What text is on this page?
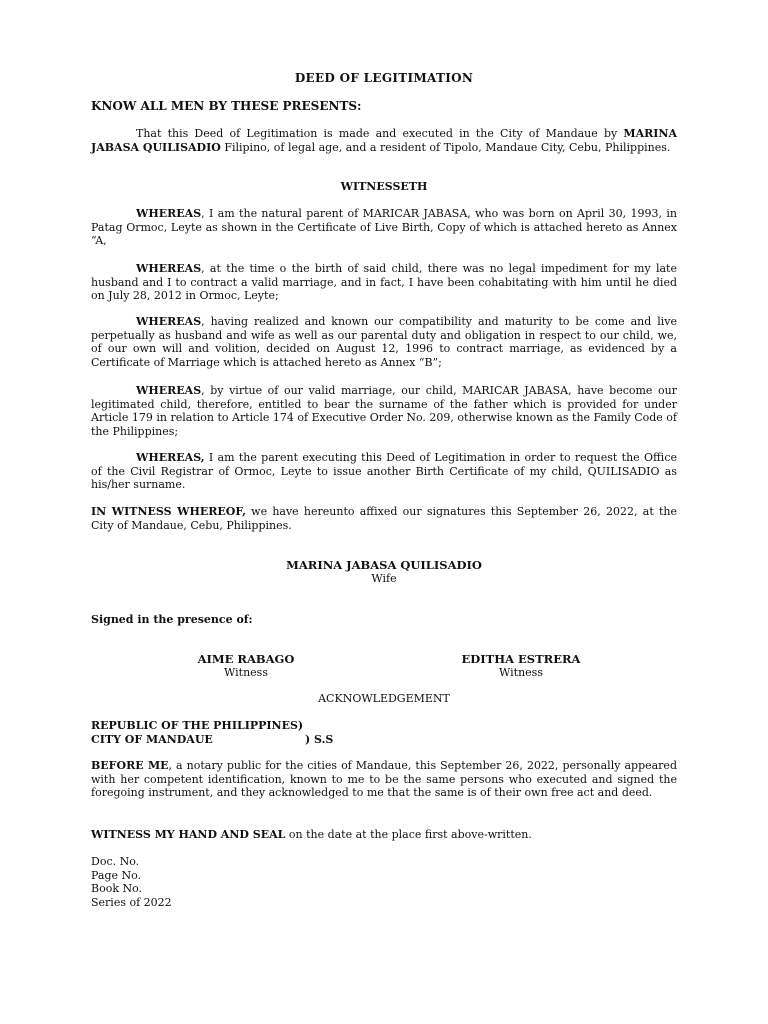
DEED OF LEGITIMATION
KNOW ALL MEN BY THESE PRESENTS:
That this Deed of Legitimation is made and executed in the City of Mandaue by MARINA JABASA QUILISADIO Filipino, of legal age, and a resident of Tipolo, Mandaue City, Cebu, Philippines.
WITNESSETH
WHEREAS, I am the natural parent of MARICAR JABASA, who was born on April 30, 1993, in Patag Ormoc, Leyte as shown in the Certificate of Live Birth, Copy of which is attached hereto as Annex “A,
WHEREAS, at the time o the birth of said child, there was no legal impediment for my late husband and I to contract a valid marriage, and in fact, I have been cohabitating with him until he died on July 28, 2012 in Ormoc, Leyte;
WHEREAS, having realized and known our compatibility and maturity to be come and live perpetually as husband and wife as well as our parental duty and obligation in respect to our child, we, of our own will and volition, decided on August 12, 1996 to contract marriage, as evidenced by a Certificate of Marriage which is attached hereto as Annex “B”;
WHEREAS, by virtue of our valid marriage, our child, MARICAR JABASA, have become our legitimated child, therefore, entitled to bear the surname of the father which is provided for under Article 179 in relation to Article 174 of Executive Order No. 209, otherwise known as the Family Code of the Philippines;
WHEREAS, I am the parent executing this Deed of Legitimation in order to request the Office of the Civil Registrar of Ormoc, Leyte to issue another Birth Certificate of my child, QUILISADIO as his/her surname.
IN WITNESS WHEREOF, we have hereunto affixed our signatures this September 26, 2022, at the City of Mandaue, Cebu, Philippines.
MARINA JABASA QUILISADIO
Wife
Signed in the presence of:
AIME RABAGO
Witness
EDITHA ESTRERA
Witness
ACKNOWLEDGEMENT
REPUBLIC OF THE PHILIPPINES)
CITY OF MANDAUE	) S.S
BEFORE ME, a notary public for the cities of Mandaue, this September 26, 2022, personally appeared with her competent identification, known to me to be the same persons who executed and signed the foregoing instrument, and they acknowledged to me that the same is of their own free act and deed.
WITNESS MY HAND AND SEAL on the date at the place first above-written.
Doc. No.
Page No.
Book No.
Series of 2022
